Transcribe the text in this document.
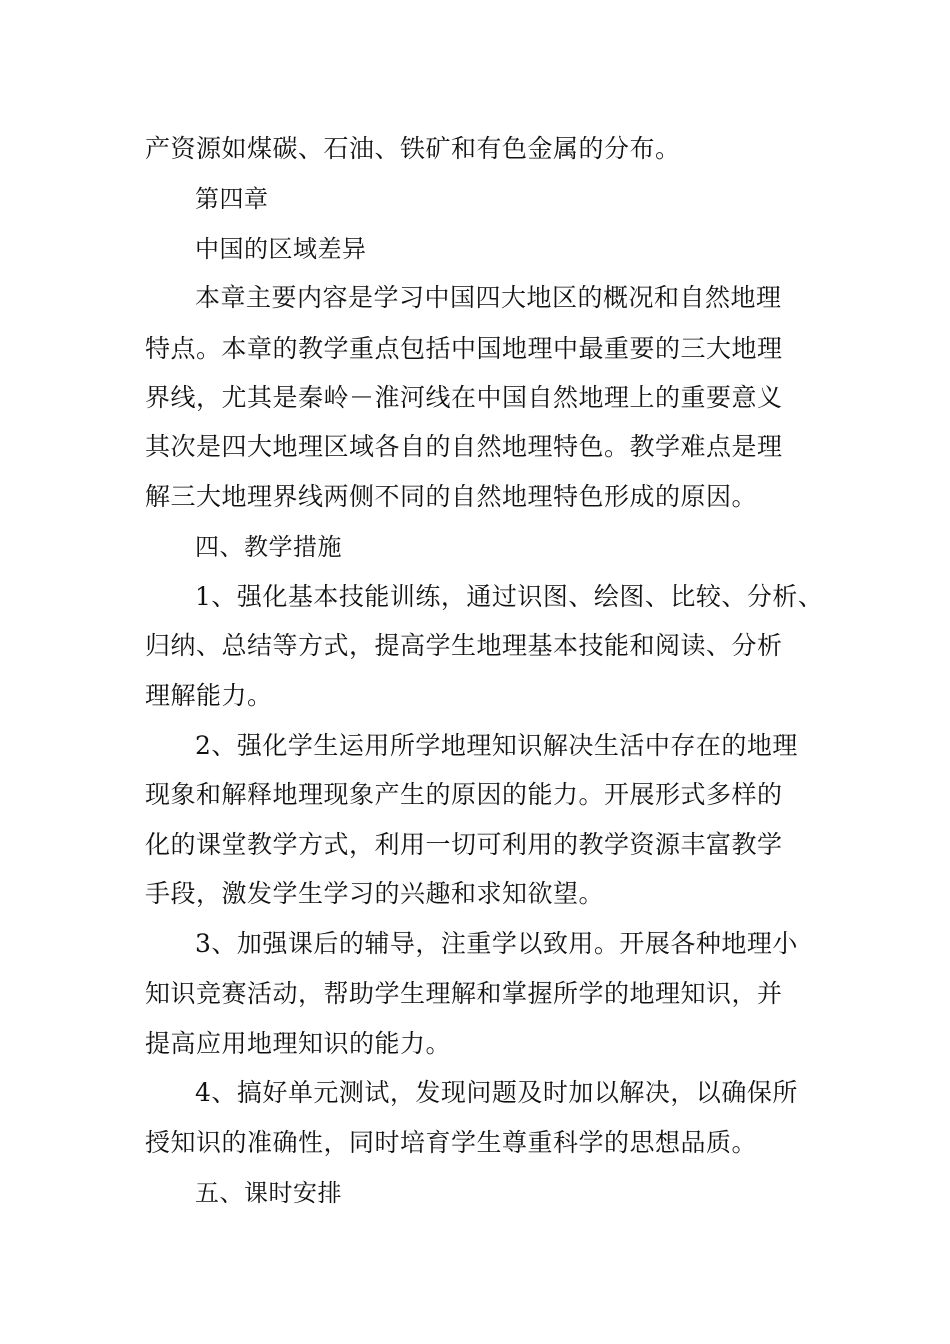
产资源如煤碳、石油、铁矿和有色金属的分布。
第四章
中国的区域差异
本章主要内容是学习中国四大地区的概况和自然地理
特点。本章的教学重点包括中国地理中最重要的三大地理
界线，尤其是秦岭－淮河线在中国自然地理上的重要意义
其次是四大地理区域各自的自然地理特色。教学难点是理
解三大地理界线两侧不同的自然地理特色形成的原因。
四、教学措施
1、强化基本技能训练，通过识图、绘图、比较、分析、
归纳、总结等方式，提高学生地理基本技能和阅读、分析
理解能力。
2、强化学生运用所学地理知识解决生活中存在的地理
现象和解释地理现象产生的原因的能力。开展形式多样的
化的课堂教学方式，利用一切可利用的教学资源丰富教学
手段，激发学生学习的兴趣和求知欲望。
3、加强课后的辅导，注重学以致用。开展各种地理小
知识竞赛活动，帮助学生理解和掌握所学的地理知识，并
提高应用地理知识的能力。
4、搞好单元测试，发现问题及时加以解决，以确保所
授知识的准确性，同时培育学生尊重科学的思想品质。
五、课时安排
